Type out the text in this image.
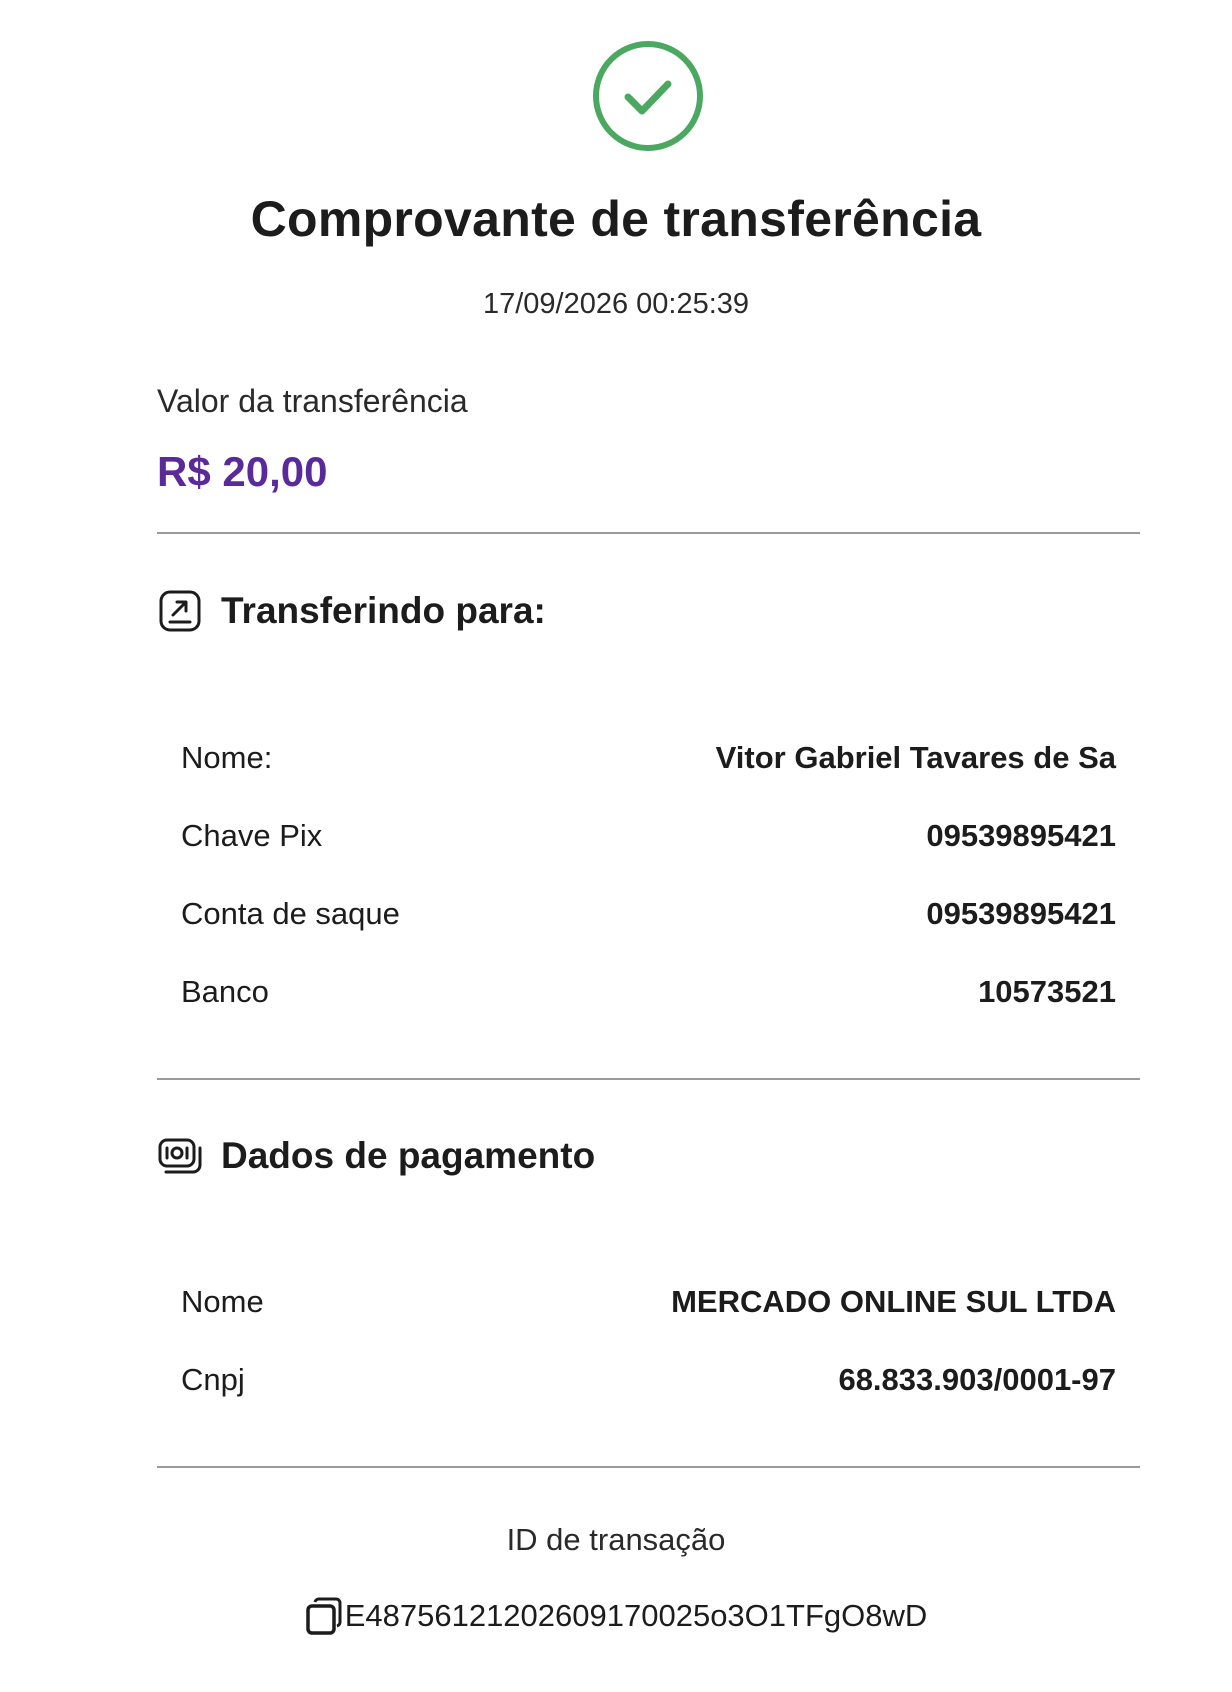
Comprovante de transferência
17/09/2026 00:25:39
Valor da transferência
R$ 20,00
Transferindo para:
Nome:	Vitor Gabriel Tavares de Sa
Chave Pix	09539895421
Conta de saque	09539895421
Banco	10573521
Dados de pagamento
Nome	MERCADO ONLINE SUL LTDA
Cnpj	68.833.903/0001-97
ID de transação
E48756121202609170025o3O1TFgO8wD
